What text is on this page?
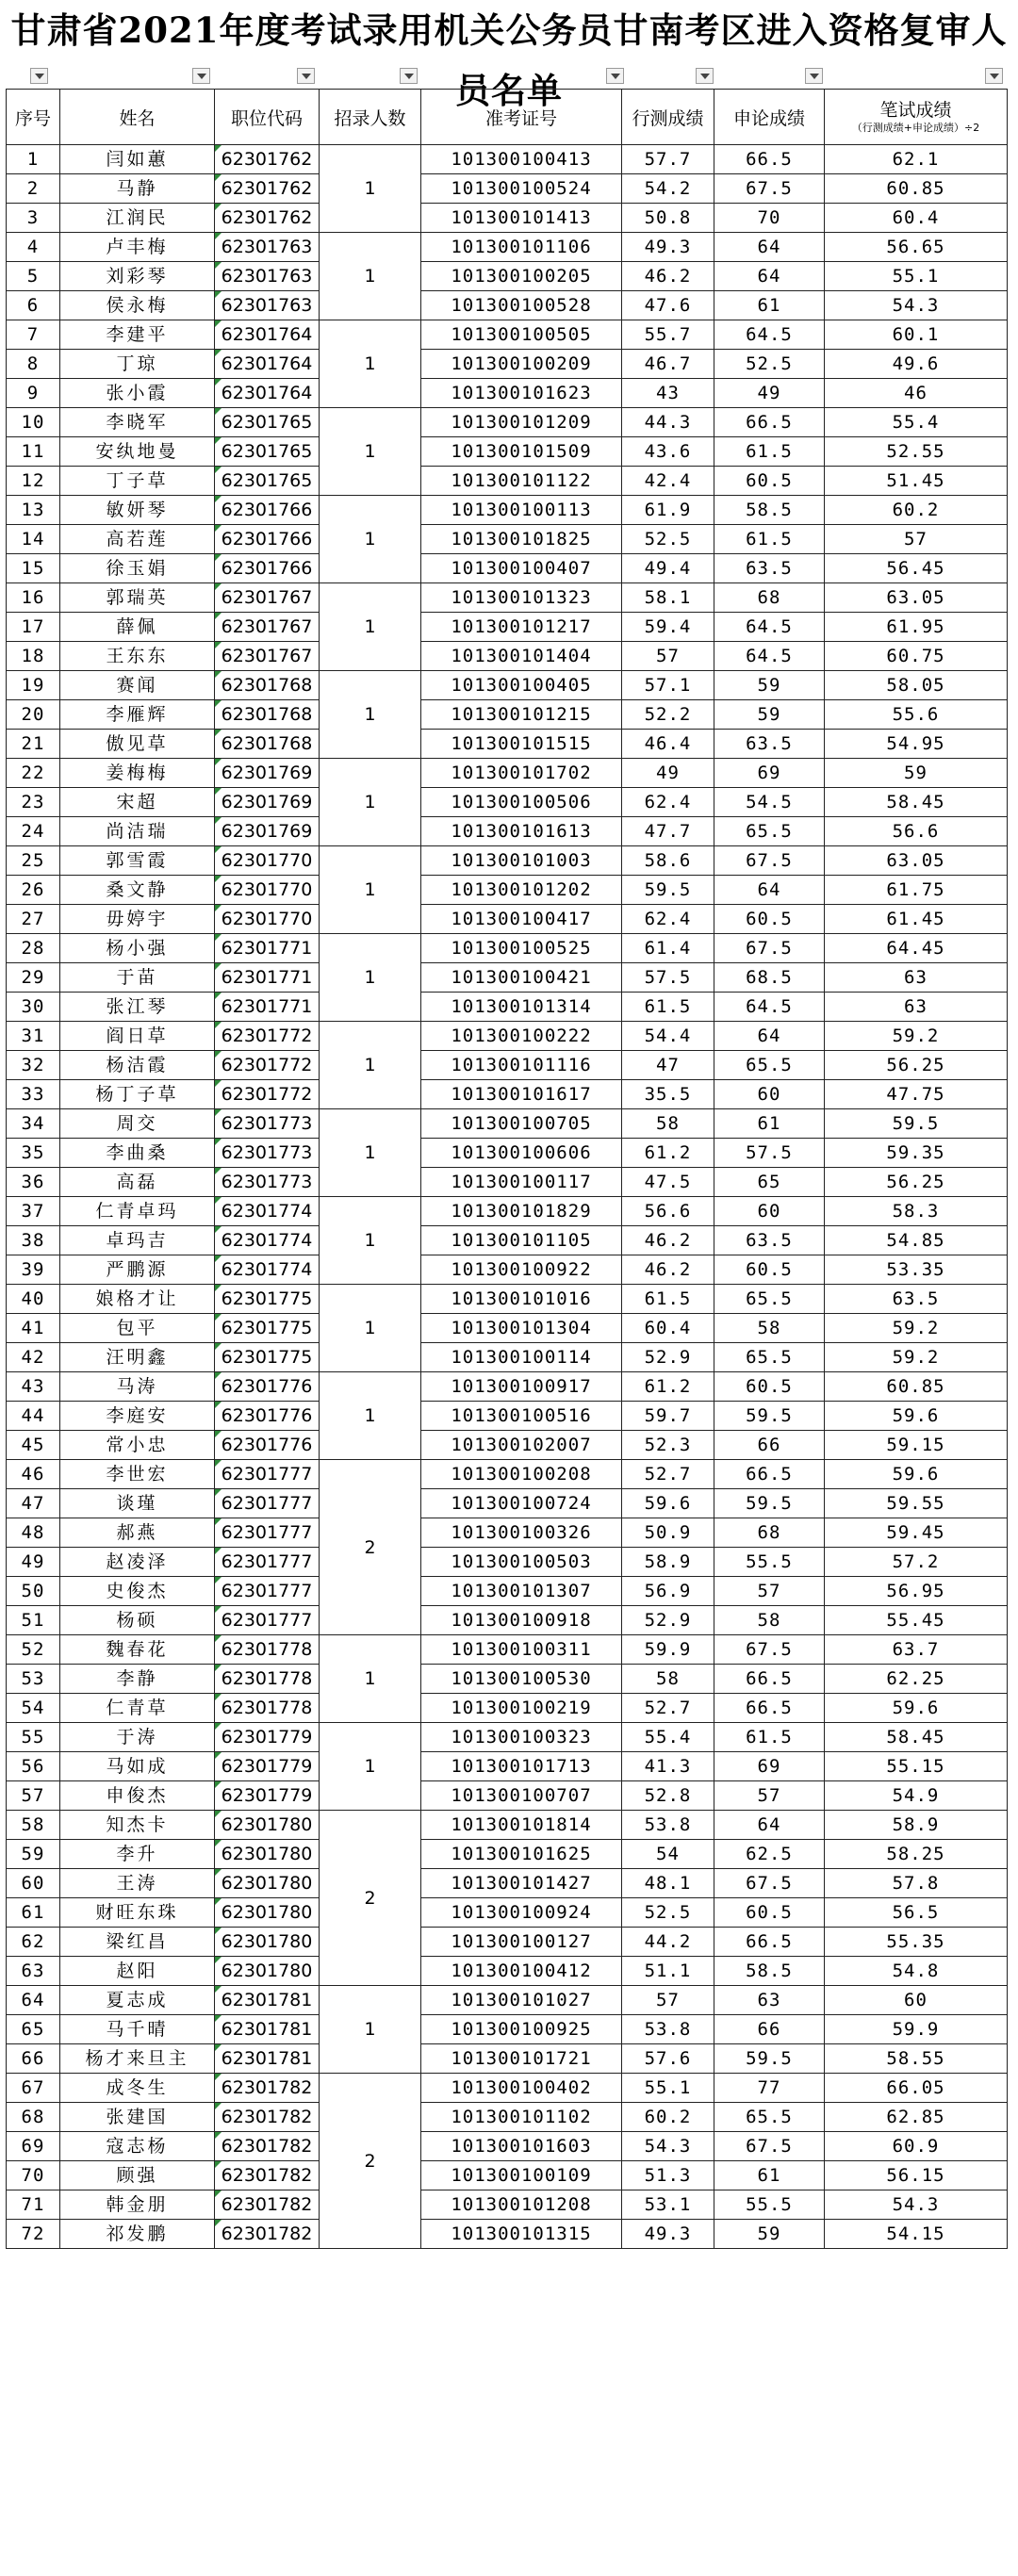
甘肃省2021年度考试录用机关公务员甘南考区进入资格复审人员名单
序号	姓名	职位代码	招录人数	准考证号	行测成绩	申论成绩	笔试成绩
（行测成绩+申论成绩）÷2

1	闫如蕙	62301762	1	101300100413	57.7	66.5	62.1
2	马静	62301762		101300100524	54.2	67.5	60.85
3	江润民	62301762		101300101413	50.8	70	60.4
4	卢丰梅	62301763	1	101300101106	49.3	64	56.65
5	刘彩琴	62301763		101300100205	46.2	64	55.1
6	侯永梅	62301763		101300100528	47.6	61	54.3
7	李建平	62301764	1	101300100505	55.7	64.5	60.1
8	丁琼	62301764		101300100209	46.7	52.5	49.6
9	张小霞	62301764		101300101623	43	49	46
10	李晓军	62301765	1	101300101209	44.3	66.5	55.4
11	安纨地曼	62301765		101300101509	43.6	61.5	52.55
12	丁子草	62301765		101300101122	42.4	60.5	51.45
13	敏妍琴	62301766	1	101300100113	61.9	58.5	60.2
14	高若莲	62301766		101300101825	52.5	61.5	57
15	徐玉娟	62301766		101300100407	49.4	63.5	56.45
16	郭瑞英	62301767	1	101300101323	58.1	68	63.05
17	薛佩	62301767		101300101217	59.4	64.5	61.95
18	王东东	62301767		101300101404	57	64.5	60.75
19	赛闻	62301768	1	101300100405	57.1	59	58.05
20	李雁辉	62301768		101300101215	52.2	59	55.6
21	傲见草	62301768		101300101515	46.4	63.5	54.95
22	姜梅梅	62301769	1	101300101702	49	69	59
23	宋超	62301769		101300100506	62.4	54.5	58.45
24	尚洁瑞	62301769		101300101613	47.7	65.5	56.6
25	郭雪霞	62301770	1	101300101003	58.6	67.5	63.05
26	桑文静	62301770		101300101202	59.5	64	61.75
27	毋婷宇	62301770		101300100417	62.4	60.5	61.45
28	杨小强	62301771	1	101300100525	61.4	67.5	64.45
29	于苗	62301771		101300100421	57.5	68.5	63
30	张江琴	62301771		101300101314	61.5	64.5	63
31	阎日草	62301772	1	101300100222	54.4	64	59.2
32	杨洁霞	62301772		101300101116	47	65.5	56.25
33	杨丁子草	62301772		101300101617	35.5	60	47.75
34	周交	62301773	1	101300100705	58	61	59.5
35	李曲桑	62301773		101300100606	61.2	57.5	59.35
36	高磊	62301773		101300100117	47.5	65	56.25
37	仁青卓玛	62301774	1	101300101829	56.6	60	58.3
38	卓玛吉	62301774		101300101105	46.2	63.5	54.85
39	严鹏源	62301774		101300100922	46.2	60.5	53.35
40	娘格才让	62301775	1	101300101016	61.5	65.5	63.5
41	包平	62301775		101300101304	60.4	58	59.2
42	汪明鑫	62301775		101300100114	52.9	65.5	59.2
43	马涛	62301776	1	101300100917	61.2	60.5	60.85
44	李庭安	62301776		101300100516	59.7	59.5	59.6
45	常小忠	62301776		101300102007	52.3	66	59.15
46	李世宏	62301777	2	101300100208	52.7	66.5	59.6
47	谈瑾	62301777		101300100724	59.6	59.5	59.55
48	郝燕	62301777		101300100326	50.9	68	59.45
49	赵凌泽	62301777		101300100503	58.9	55.5	57.2
50	史俊杰	62301777		101300101307	56.9	57	56.95
51	杨硕	62301777		101300100918	52.9	58	55.45
52	魏春花	62301778	1	101300100311	59.9	67.5	63.7
53	李静	62301778		101300100530	58	66.5	62.25
54	仁青草	62301778		101300100219	52.7	66.5	59.6
55	于涛	62301779	1	101300100323	55.4	61.5	58.45
56	马如成	62301779		101300101713	41.3	69	55.15
57	申俊杰	62301779		101300100707	52.8	57	54.9
58	知杰卡	62301780	2	101300101814	53.8	64	58.9
59	李升	62301780		101300101625	54	62.5	58.25
60	王涛	62301780		101300101427	48.1	67.5	57.8
61	财旺东珠	62301780		101300100924	52.5	60.5	56.5
62	梁红昌	62301780		101300100127	44.2	66.5	55.35
63	赵阳	62301780		101300100412	51.1	58.5	54.8
64	夏志成	62301781	1	101300101027	57	63	60
65	马千晴	62301781		101300100925	53.8	66	59.9
66	杨才来旦主	62301781		101300101721	57.6	59.5	58.55
67	成冬生	62301782	2	101300100402	55.1	77	66.05
68	张建国	62301782		101300101102	60.2	65.5	62.85
69	寇志杨	62301782		101300101603	54.3	67.5	60.9
70	顾强	62301782		101300100109	51.3	61	56.15
71	韩金朋	62301782		101300101208	53.1	55.5	54.3
72	祁发鹏	62301782		101300101315	49.3	59	54.15
